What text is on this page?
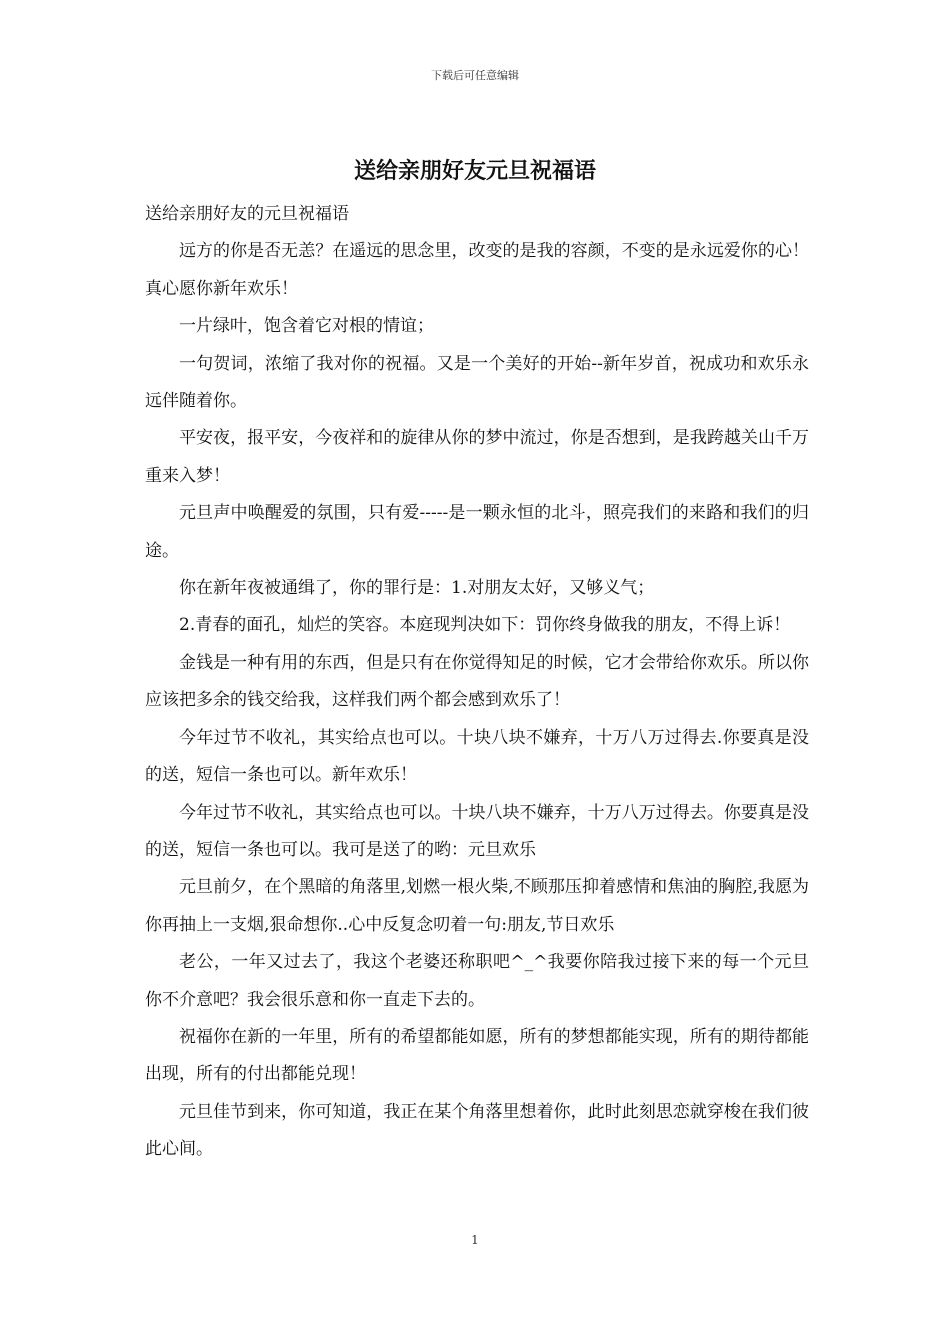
下载后可任意编辑
送给亲朋好友元旦祝福语

送给亲朋好友的元旦祝福语

远方的你是否无恙？在遥远的思念里，改变的是我的容颜，不变的是永远爱你的心！真心愿你新年欢乐！

一片绿叶，饱含着它对根的情谊；

一句贺词，浓缩了我对你的祝福。又是一个美好的开始--新年岁首，祝成功和欢乐永远伴随着你。

平安夜，报平安，今夜祥和的旋律从你的梦中流过，你是否想到，是我跨越关山千万重来入梦！

元旦声中唤醒爱的氛围，只有爱-----是一颗永恒的北斗，照亮我们的来路和我们的归途。

你在新年夜被通缉了，你的罪行是：1.对朋友太好，又够义气；

2.青春的面孔，灿烂的笑容。本庭现判决如下：罚你终身做我的朋友，不得上诉！

金钱是一种有用的东西，但是只有在你觉得知足的时候，它才会带给你欢乐。所以你应该把多余的钱交给我，这样我们两个都会感到欢乐了！

今年过节不收礼，其实给点也可以。十块八块不嫌弃，十万八万过得去.你要真是没的送，短信一条也可以。新年欢乐！

今年过节不收礼，其实给点也可以。十块八块不嫌弃，十万八万过得去。你要真是没的送，短信一条也可以。我可是送了的哟：元旦欢乐

元旦前夕，在个黑暗的角落里,划燃一根火柴,不顾那压抑着感情和焦油的胸腔,我愿为你再抽上一支烟,狠命想你..心中反复念叨着一句:朋友,节日欢乐

老公，一年又过去了，我这个老婆还称职吧^_^我要你陪我过接下来的每一个元旦你不介意吧？我会很乐意和你一直走下去的。

祝福你在新的一年里，所有的希望都能如愿，所有的梦想都能实现，所有的期待都能出现，所有的付出都能兑现！

元旦佳节到来，你可知道，我正在某个角落里想着你，此时此刻思恋就穿梭在我们彼此心间。

1
